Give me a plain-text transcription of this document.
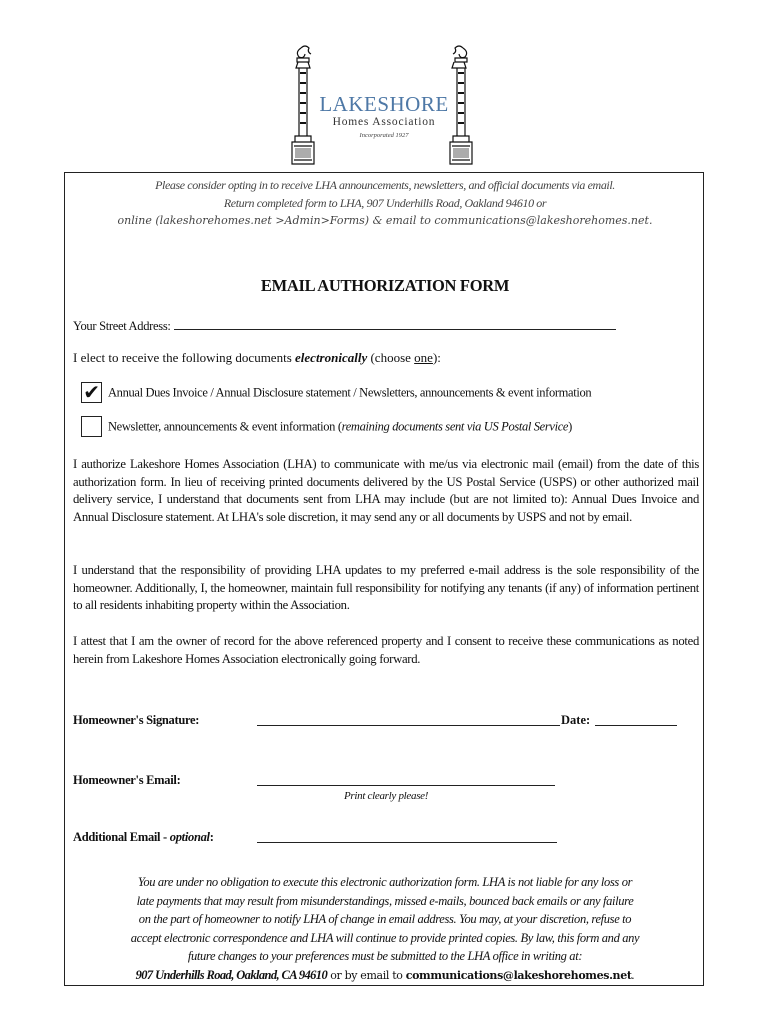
LAKESHORE
Homes Association
Incorporated 1927
Please consider opting in to receive LHA announcements, newsletters, and official documents via email.
Return completed form to LHA, 907 Underhills Road, Oakland 94610 or
online (lakeshorehomes.net >Admin>Forms) & email to communications@lakeshorehomes.net.
EMAIL AUTHORIZATION FORM
Your Street Address:
I elect to receive the following documents electronically (choose one):
✔ Annual Dues Invoice / Annual Disclosure statement / Newsletters, announcements & event information
Newsletter, announcements & event information (remaining documents sent via US Postal Service)
I authorize Lakeshore Homes Association (LHA) to communicate with me/us via electronic mail (email) from the date of this authorization form. In lieu of receiving printed documents delivered by the US Postal Service (USPS) or other authorized mail delivery service, I understand that documents sent from LHA may include (but are not limited to): Annual Dues Invoice and Annual Disclosure statement. At LHA's sole discretion, it may send any or all documents by USPS and not by email.
I understand that the responsibility of providing LHA updates to my preferred e-mail address is the sole responsibility of the homeowner. Additionally, I, the homeowner, maintain full responsibility for notifying any tenants (if any) of information pertinent to all residents inhabiting property within the Association.
I attest that I am the owner of record for the above referenced property and I consent to receive these communications as noted herein from Lakeshore Homes Association electronically going forward.
Homeowner's Signature:	Date:
Homeowner's Email:
Print clearly please!
Additional Email - optional:
You are under no obligation to execute this electronic authorization form. LHA is not liable for any loss or
late payments that may result from misunderstandings, missed e-mails, bounced back emails or any failure
on the part of homeowner to notify LHA of change in email address. You may, at your discretion, refuse to
accept electronic correspondence and LHA will continue to provide printed copies. By law, this form and any
future changes to your preferences must be submitted to the LHA office in writing at:
907 Underhills Road, Oakland, CA 94610 or by email to communications@lakeshorehomes.net.
